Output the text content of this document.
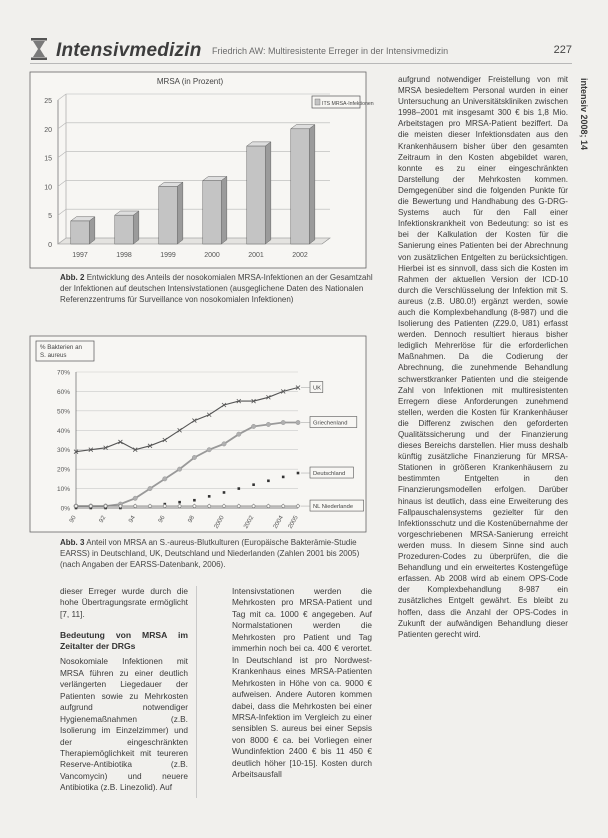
Intensivmedizin Friedrich AW: Multiresistente Erreger in der Intensivmedizin	227
intensiv 2008; 14
MRSA (in Prozent)
0
5
10
15
20
25
1997	1998	1999	2000	2001	2002
ITS MRSA-Infektionen
Abb. 2 Entwicklung des Anteils der nosokomialen MRSA-Infektionen an der Gesamtzahl der Infektionen auf deutschen Intensivstationen (ausgeglichene Daten des Nationalen Referenzzentrums für Surveillance von nosokomialen Infektionen)
% Bakterien an
S. aureus
0%
10%
20%
30%
40%
50%
60%
70%
90	92	94	96	98	2000	2002	2004 2005
UK
Griechenland
Deutschland
NL Niederlande
Abb. 3 Anteil von MRSA an S.-aureus-Blutkulturen (Europäische Bakterämie-Studie EARSS) in Deutschland, UK, Deutschland und Niederlanden (Zahlen 2001 bis 2005) (nach Angaben der EARSS-Datenbank, 2006).

dieser Erreger wurde durch die hohe Übertragungsrate ermöglicht [7, 11].

Bedeutung von MRSA im Zeitalter der DRGs

Nosokomiale Infektionen mit MRSA führen zu einer deutlich verlängerten Liegedauer der Patienten sowie zu Mehrkosten aufgrund notwendiger Hygienemaßnahmen (z.B. Isolierung im Einzelzimmer) und der eingeschränkten Therapiemöglichkeit mit teureren Reserve-Antibiotika (z.B. Vancomycin) und neuere Antibiotika (z.B. Linezolid). Auf

Intensivstationen werden die Mehrkosten pro MRSA-Patient und Tag mit ca. 1000 € angegeben. Auf Normalstationen werden die Mehrkosten pro Patient und Tag immerhin noch bei ca. 400 € verortet. In Deutschland ist pro Nordwest-Krankenhaus eines MRSA-Patienten Mehrkosten in Höhe von ca. 9000 € aufweisen. Andere Autoren kommen dabei, dass die Mehrkosten bei einer MRSA-Infektion im Vergleich zu einer sensiblen S. aureus bei einer Sepsis von 8000 € ca. bei Vorliegen einer Wundinfektion 2400 € bis 11 450 € deutlich höher [10-15]. Kosten durch Arbeitsausfall

aufgrund notwendiger Freistellung von mit MRSA besiedeltem Personal wurden in einer Untersuchung an Universitätskliniken zwischen 1998–2001 mit insgesamt 300 € bis 1,8 Mio. Arbeitstagen pro MRSA-Patient beziffert. Da die meisten dieser Infektionsdaten aus den Krankenhäusern bisher über den gesamten Zeitraum in den Kosten abgebildet waren, konnte es zu einer eingeschränkten Darstellung der Mehrkosten kommen. Demgegenüber sind die folgenden Punkte für die Bewertung und Handhabung des G-DRG-Systems auch für den Fall einer Infektionskrankheit von Bedeutung: so ist es bei der Kalkulation der Kosten für die Sanierung eines Patienten bei der Abrechnung von zusätzlichen Entgelten zu berücksichtigen. Hierbei ist es sinnvoll, dass sich die Kosten im Rahmen der aktuellen Version der ICD-10 durch die Verschlüsselung der Infektion mit S. aureus (z.B. U80.0!) ergänzt werden, sowie auch die Komplexbehandlung (8-987) und die Isolierung des Patienten (Z29.0, U81) erfasst werden. Dennoch resultiert hieraus bisher lediglich Mehrerlöse für die erforderlichen Maßnahmen. Da die Codierung der Abrechnung, die zunehmende Behandlung schwerstkranker Patienten und die steigende Zahl von Infektionen mit multiresistenten Erregern diese Anforderungen zunehmend stellen, werden die Kosten für Krankenhäuser die Differenz zwischen den geforderten Qualitätssicherung und der Finanzierung dieses Bereichs darstellen. Hier muss deshalb künftig zusätzliche Finanzierung für MRSA-Stationen in größeren Krankenhäusern zu bestimmten Entgelten in den Finanzierungsmodellen erfolgen. Darüber hinaus ist deutlich, dass eine Erweiterung des Fallpauschalensystems gezielter für den Infektionsschutz und die Kostenübernahme der vorgeschriebenen MRSA-Sanierung erreicht werden muss. In diesem Sinne sind auch Prozeduren-Codes zu überprüfen, die die Behandlung und ein erweitertes Kostengefüge erfassen. Ab 2008 wird ab einem OPS-Code der Komplexbehandlung 8-987 ein zusätzliches Entgelt gewährt. Es bleibt zu hoffen, dass die Anzahl der OPS-Codes in Zukunft der aufwändigen Behandlung dieser Patienten gerecht wird.
